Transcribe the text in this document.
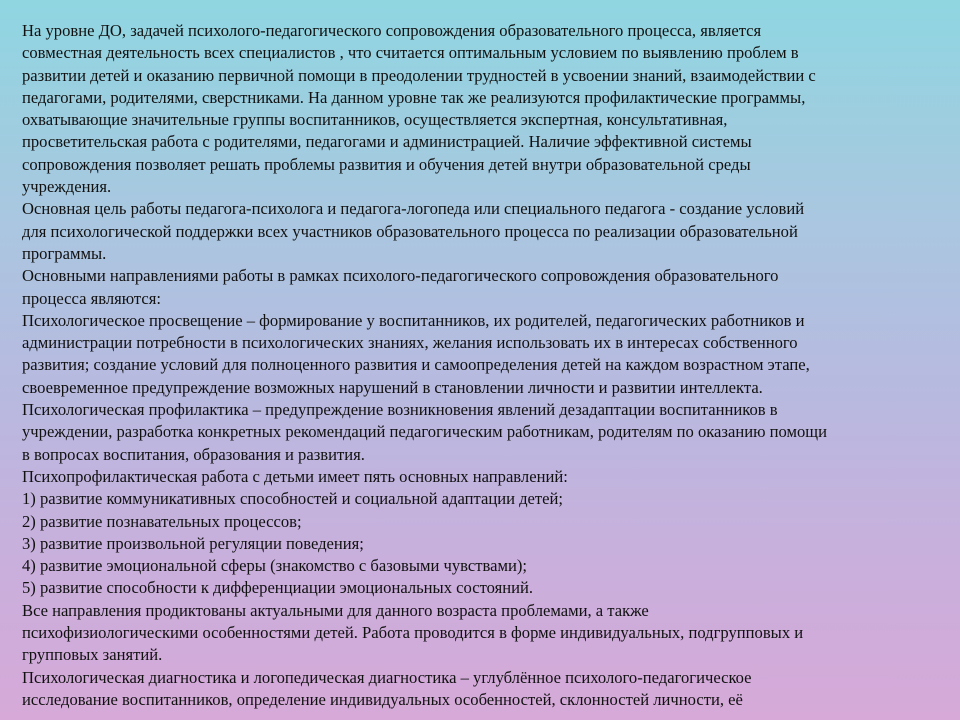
На уровне ДО, задачей психолого-педагогического сопровождения образовательного процесса, является
совместная деятельность всех специалистов , что считается оптимальным условием по выявлению проблем в
развитии детей и оказанию первичной помощи в преодолении трудностей в усвоении знаний, взаимодействии с
педагогами, родителями, сверстниками. На данном уровне так же реализуются профилактические программы,
охватывающие значительные группы воспитанников, осуществляется экспертная, консультативная,
просветительская работа с родителями, педагогами и администрацией. Наличие эффективной системы
сопровождения позволяет решать проблемы развития и обучения детей внутри образовательной среды
учреждения.

Основная цель работы педагога-психолога и педагога-логопеда или специального педагога - создание условий
для психологической поддержки всех участников образовательного процесса по реализации образовательной
программы.

Основными направлениями работы в рамках психолого-педагогического сопровождения образовательного
процесса являются:

Психологическое просвещение – формирование у воспитанников, их родителей, педагогических работников и
администрации потребности в психологических знаниях, желания использовать их в интересах собственного
развития; создание условий для полноценного развития и самоопределения детей на каждом возрастном этапе,
своевременное предупреждение возможных нарушений в становлении личности и развитии интеллекта.

Психологическая профилактика – предупреждение возникновения явлений дезадаптации воспитанников в
учреждении, разработка конкретных рекомендаций педагогическим работникам, родителям по оказанию помощи
в вопросах воспитания, образования и развития.

Психопрофилактическая работа с детьми имеет пять основных направлений:

1) развитие коммуникативных способностей и социальной адаптации детей;

2) развитие познавательных процессов;

3) развитие произвольной регуляции поведения;

4) развитие эмоциональной сферы (знакомство с базовыми чувствами);

5) развитие способности к дифференциации эмоциональных состояний.

Все направления продиктованы актуальными для данного возраста проблемами, а также
психофизиологическими особенностями детей. Работа проводится в форме индивидуальных, подгрупповых и
групповых занятий.

Психологическая диагностика и логопедическая диагностика – углублённое психолого-педагогическое
исследование воспитанников, определение индивидуальных особенностей, склонностей личности, её
